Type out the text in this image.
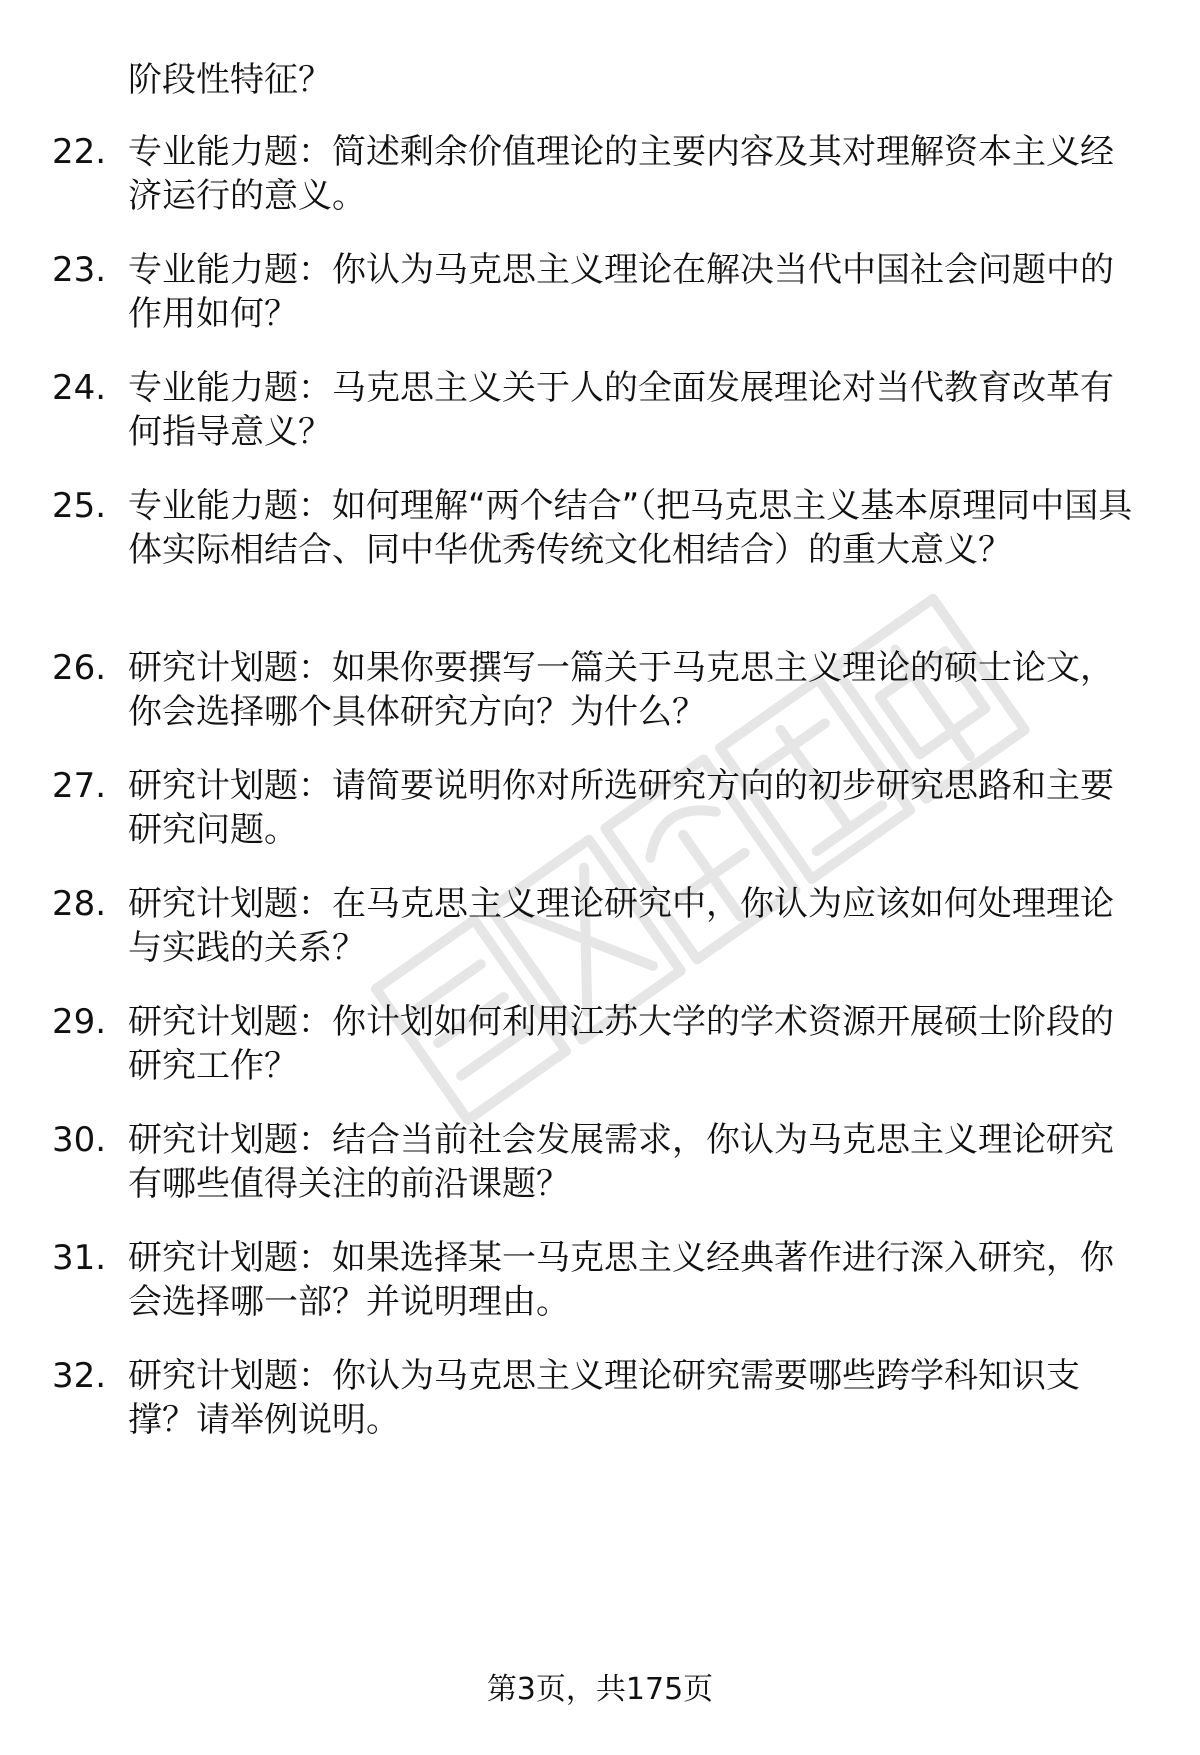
阶段性特征？
22. 专业能力题：简述剩余价值理论的主要内容及其对理解资本主义经济运行的意义。
23. 专业能力题：你认为马克思主义理论在解决当代中国社会问题中的作用如何？
24. 专业能力题：马克思主义关于人的全面发展理论对当代教育改革有何指导意义？
25. 专业能力题：如何理解“两个结合”（把马克思主义基本原理同中国具体实际相结合、同中华优秀传统文化相结合）的重大意义？
26. 研究计划题：如果你要撰写一篇关于马克思主义理论的硕士论文，你会选择哪个具体研究方向？为什么？
27. 研究计划题：请简要说明你对所选研究方向的初步研究思路和主要研究问题。
28. 研究计划题：在马克思主义理论研究中，你认为应该如何处理理论与实践的关系？
29. 研究计划题：你计划如何利用江苏大学的学术资源开展硕士阶段的研究工作？
30. 研究计划题：结合当前社会发展需求，你认为马克思主义理论研究有哪些值得关注的前沿课题？
31. 研究计划题：如果选择某一马克思主义经典著作进行深入研究，你会选择哪一部？并说明理由。
32. 研究计划题：你认为马克思主义理论研究需要哪些跨学科知识支撑？请举例说明。
第3页，共175页
